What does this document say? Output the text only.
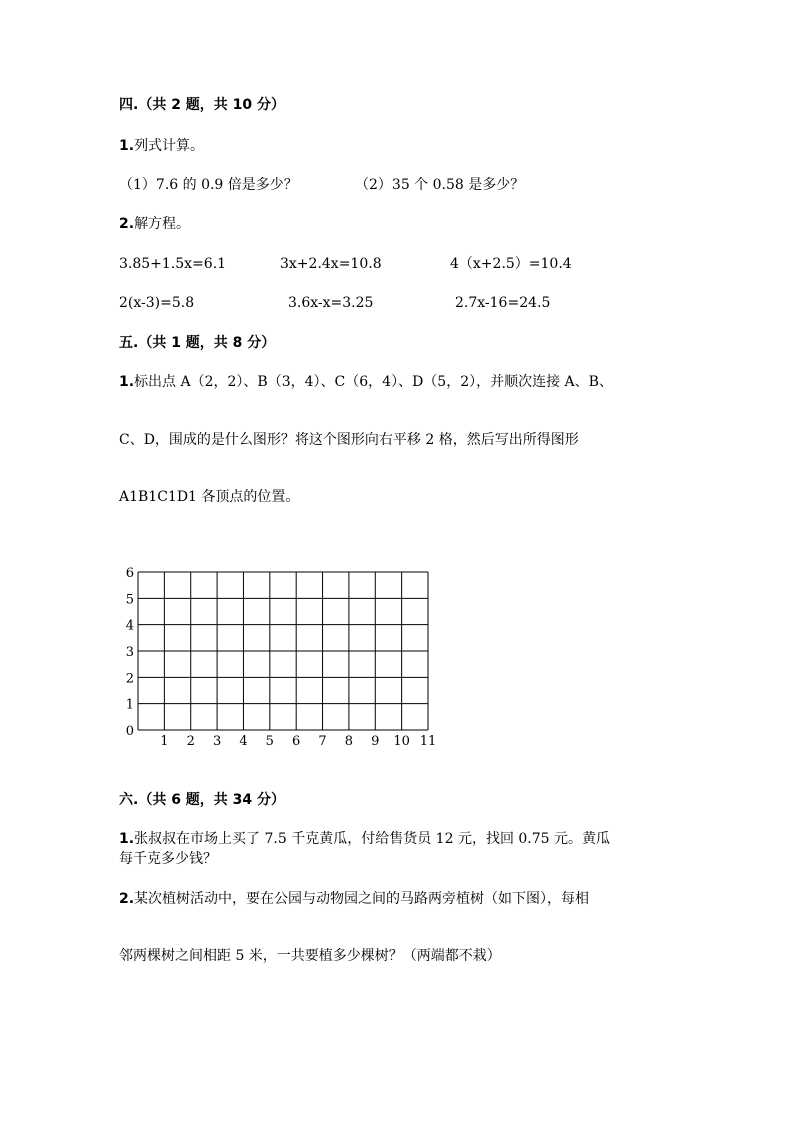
四.（共 2 题，共 10 分）
1.列式计算。
（1）7.6 的 0.9 倍是多少？	（2）35 个 0.58 是多少？
2.解方程。
3.85+1.5x=6.1	3x+2.4x=10.8	4（x+2.5）=10.4
2(x-3)=5.8	3.6x-x=3.25	2.7x-16=24.5
五.（共 1 题，共 8 分）
1.标出点 A（2，2）、B（3，4）、C（6，4）、D（5，2），并顺次连接 A、B、
C、D，围成的是什么图形？将这个图形向右平移 2 格，然后写出所得图形
A1B1C1D1 各顶点的位置。
1 2 3 4 5 6 7 8 9 10 11
0
1
2
3
4
5
6
六.（共 6 题，共 34 分）
1.张叔叔在市场上买了 7.5 千克黄瓜，付给售货员 12 元，找回 0.75 元。黄瓜
每千克多少钱？
2.某次植树活动中，要在公园与动物园之间的马路两旁植树（如下图），每相
邻两棵树之间相距 5 米，一共要植多少棵树？（两端都不栽）
